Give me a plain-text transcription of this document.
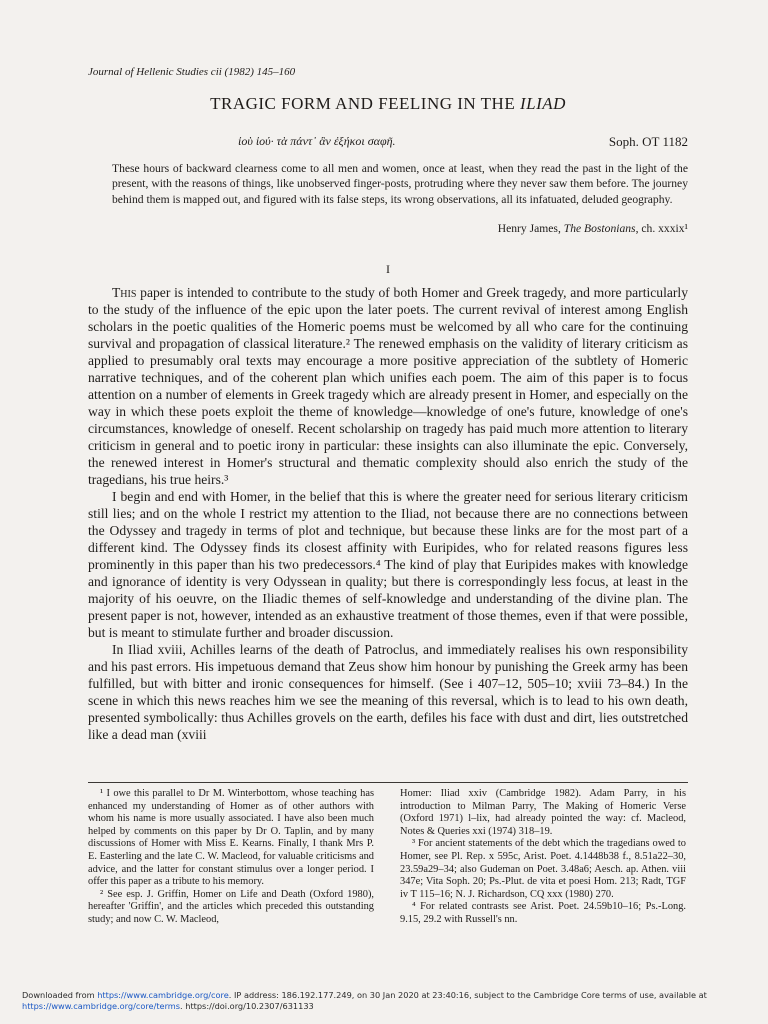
Journal of Hellenic Studies cii (1982) 145–160
TRAGIC FORM AND FEELING IN THE ILIAD
ἰοὺ ἰού· τὰ πάντ᾽ ἂν ἐξήκοι σαφῆ.	Soph. OT 1182
These hours of backward clearness come to all men and women, once at least, when they read the past in the light of the present, with the reasons of things, like unobserved finger-posts, protruding where they never saw them before. The journey behind them is mapped out, and figured with its false steps, its wrong observations, all its infatuated, deluded geography.
Henry James, The Bostonians, ch. xxxix¹
I

This paper is intended to contribute to the study of both Homer and Greek tragedy, and more particularly to the study of the influence of the epic upon the later poets. The current revival of interest among English scholars in the poetic qualities of the Homeric poems must be welcomed by all who care for the continuing survival and propagation of classical literature.² The renewed emphasis on the validity of literary criticism as applied to presumably oral texts may encourage a more positive appreciation of the subtlety of Homeric narrative techniques, and of the coherent plan which unifies each poem. The aim of this paper is to focus attention on a number of elements in Greek tragedy which are already present in Homer, and especially on the way in which these poets exploit the theme of knowledge—knowledge of one's future, knowledge of one's circumstances, knowledge of oneself. Recent scholarship on tragedy has paid much more attention to literary criticism in general and to poetic irony in particular: these insights can also illuminate the epic. Conversely, the renewed interest in Homer's structural and thematic complexity should also enrich the study of the tragedians, his true heirs.³

I begin and end with Homer, in the belief that this is where the greater need for serious literary criticism still lies; and on the whole I restrict my attention to the Iliad, not because there are no connections between the Odyssey and tragedy in terms of plot and technique, but because these links are for the most part of a different kind. The Odyssey finds its closest affinity with Euripides, who for related reasons figures less prominently in this paper than his two predecessors.⁴ The kind of play that Euripides makes with knowledge and ignorance of identity is very Odyssean in quality; but there is correspondingly less focus, at least in the majority of his oeuvre, on the Iliadic themes of self-knowledge and understanding of the divine plan. The present paper is not, however, intended as an exhaustive treatment of those themes, even if that were possible, but is meant to stimulate further and broader discussion.

In Iliad xviii, Achilles learns of the death of Patroclus, and immediately realises his own responsibility and his past errors. His impetuous demand that Zeus show him honour by punishing the Greek army has been fulfilled, but with bitter and ironic consequences for himself. (See i 407–12, 505–10; xviii 73–84.) In the scene in which this news reaches him we see the meaning of this reversal, which is to lead to his own death, presented symbolically: thus Achilles grovels on the earth, defiles his face with dust and dirt, lies outstretched like a dead man (xviii

¹ I owe this parallel to Dr M. Winterbottom, whose teaching has enhanced my understanding of Homer as of other authors with whom his name is more usually associated. I have also been much helped by comments on this paper by Dr O. Taplin, and by many discussions of Homer with Miss E. Kearns. Finally, I thank Mrs P. E. Easterling and the late C. W. Macleod, for valuable criticisms and advice, and the latter for constant stimulus over a longer period. I offer this paper as a tribute to his memory.

² See esp. J. Griffin, Homer on Life and Death (Oxford 1980), hereafter 'Griffin', and the articles which preceded this outstanding study; and now C. W. Macleod,

Homer: Iliad xxiv (Cambridge 1982). Adam Parry, in his introduction to Milman Parry, The Making of Homeric Verse (Oxford 1971) l–lix, had already pointed the way: cf. Macleod, Notes & Queries xxi (1974) 318–19.

³ For ancient statements of the debt which the tragedians owed to Homer, see Pl. Rep. x 595c, Arist. Poet. 4.1448b38 f., 8.51a22–30, 23.59a29–34; also Gudeman on Poet. 3.48a6; Aesch. ap. Athen. viii 347e; Vita Soph. 20; Ps.-Plut. de vita et poesi Hom. 213; Radt, TGF iv T 115–16; N. J. Richardson, CQ xxx (1980) 270.

⁴ For related contrasts see Arist. Poet. 24.59b10–16; Ps.-Long. 9.15, 29.2 with Russell's nn.

Downloaded from https://www.cambridge.org/core. IP address: 186.192.177.249, on 30 Jan 2020 at 23:40:16, subject to the Cambridge Core terms of use, available at https://www.cambridge.org/core/terms. https://doi.org/10.2307/631133
